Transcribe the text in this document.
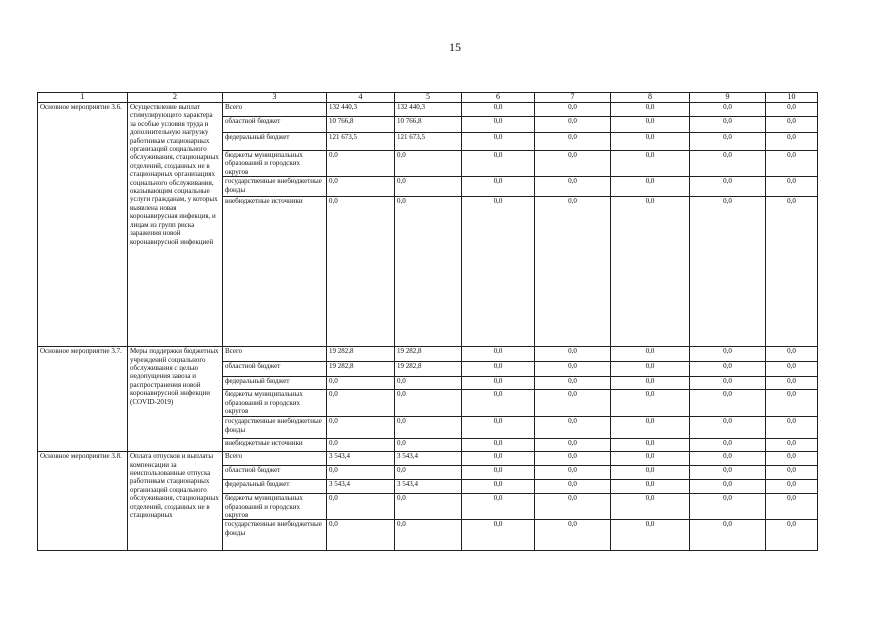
15
1	2	3	4	5	6	7	8	9	10
Основное мероприятие 3.6.	Осуществление выплат стимулирующего характера за особые условия труда и дополнительную нагрузку работникам стационарных организаций социального обслуживания, стационарных отделений, созданных не в стационарных организациях социального обслуживания, оказывающим социальные услуги гражданам, у которых выявлена новая коронавирусная инфекция, и лицам из групп риска заражения новой коронавирусной инфекцией	Всего	132 440,3	132 440,3	0,0	0,0	0,0	0,0	0,0
		областной бюджет	10 766,8	10 766,8	0,0	0,0	0,0	0,0	0,0
		федеральный бюджет	121 673,5	121 673,5	0,0	0,0	0,0	0,0	0,0
		бюджеты муниципальных образований и городских округов	0,0	0,0	0,0	0,0	0,0	0,0	0,0
		государственные внебюджетные фонды	0,0	0,0	0,0	0,0	0,0	0,0	0,0
		внебюджетные источники	0,0	0,0	0,0	0,0	0,0	0,0	0,0
Основное мероприятие 3.7.	Меры поддержки бюджетных учреждений социального обслуживания с целью недопущения завоза и распространения новой коронавирусной инфекции (COVID-2019)	Всего	19 282,8	19 282,8	0,0	0,0	0,0	0,0	0,0
		областной бюджет	19 282,8	19 282,8	0,0	0,0	0,0	0,0	0,0
		федеральный бюджет	0,0	0,0	0,0	0,0	0,0	0,0	0,0
		бюджеты муниципальных образований и городских округов	0,0	0,0	0,0	0,0	0,0	0,0	0,0
		государственные внебюджетные фонды	0,0	0,0	0,0	0,0	0,0	0,0	0,0
		внебюджетные источники	0,0	0,0	0,0	0,0	0,0	0,0	0,0
Основное мероприятие 3.8.	Оплата отпусков и выплаты компенсации за неиспользованные отпуска работникам стационарных организаций социального обслуживания, стационарных отделений, созданных не в стационарных	Всего	3 543,4	3 543,4	0,0	0,0	0,0	0,0	0,0
		областной бюджет	0,0	0,0	0,0	0,0	0,0	0,0	0,0
		федеральный бюджет	3 543,4	3 543,4	0,0	0,0	0,0	0,0	0,0
		бюджеты муниципальных образований и городских округов	0,0	0,0	0,0	0,0	0,0	0,0	0,0
		государственные внебюджетные фонды	0,0	0,0	0,0	0,0	0,0	0,0	0,0
